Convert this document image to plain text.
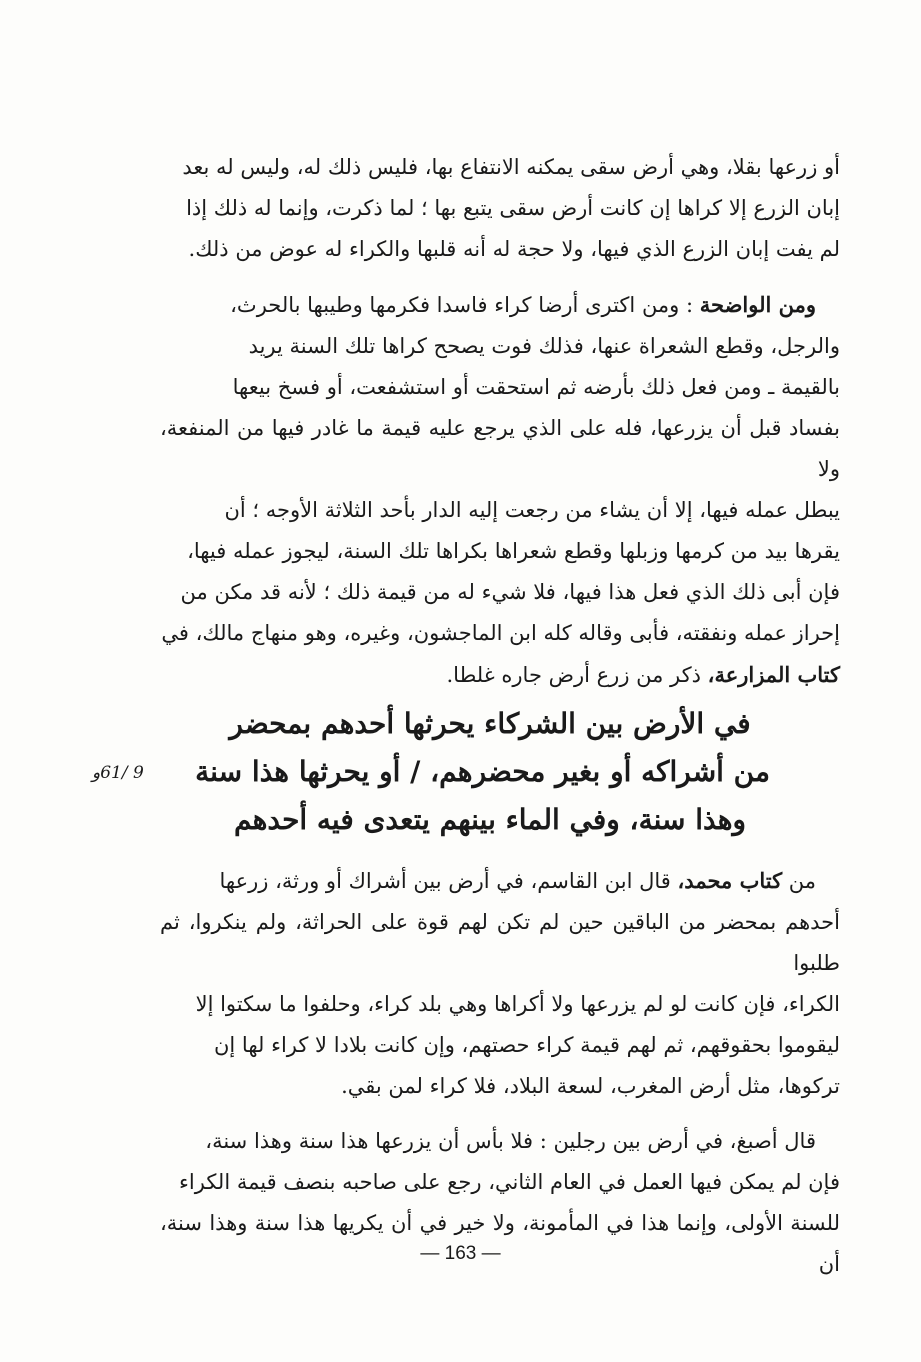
أو زرعها بقلا، وهي أرض سقى يمكنه الانتفاع بها، فليس ذلك له، وليس له بعد
إبان الزرع إلا كراها إن كانت أرض سقى يتبع بها ؛ لما ذكرت، وإنما له ذلك إذا
لم يفت إبان الزرع الذي فيها، ولا حجة له أنه قلبها والكراء له عوض من ذلك.

ومن الواضحة : ومن اكترى أرضا كراء فاسدا فكرمها وطيبها بالحرث،
والرجل، وقطع الشعراة عنها، فذلك فوت يصحح كراها تلك السنة يريد
بالقيمة ـ ومن فعل ذلك بأرضه ثم استحقت أو استشفعت، أو فسخ بيعها
بفساد قبل أن يزرعها، فله على الذي يرجع عليه قيمة ما غادر فيها من المنفعة، ولا
يبطل عمله فيها، إلا أن يشاء من رجعت إليه الدار بأحد الثلاثة الأوجه ؛ أن
يقرها بيد من كرمها وزبلها وقطع شعراها بكراها تلك السنة، ليجوز عمله فيها،
فإن أبى ذلك الذي فعل هذا فيها، فلا شيء له من قيمة ذلك ؛ لأنه قد مكن من
إحراز عمله ونفقته، فأبى وقاله كله ابن الماجشون، وغيره، وهو منهاج مالك، في
كتاب المزارعة، ذكر من زرع أرض جاره غلطا.

في الأرض بين الشركاء يحرثها أحدهم بمحضر
من أشراكه أو بغير محضرهم، / أو يحرثها هذا سنة
وهذا سنة، وفي الماء بينهم يتعدى فيه أحدهم
9 /61و

من كتاب محمد، قال ابن القاسم، في أرض بين أشراك أو ورثة، زرعها
أحدهم بمحضر من الباقين حين لم تكن لهم قوة على الحراثة، ولم ينكروا، ثم طلبوا
الكراء، فإن كانت لو لم يزرعها ولا أكراها وهي بلد كراء، وحلفوا ما سكتوا إلا
ليقوموا بحقوقهم، ثم لهم قيمة كراء حصتهم، وإن كانت بلادا لا كراء لها إن
تركوها، مثل أرض المغرب، لسعة البلاد، فلا كراء لمن بقي.

قال أصبغ، في أرض بين رجلين : فلا بأس أن يزرعها هذا سنة وهذا سنة،
فإن لم يمكن فيها العمل في العام الثاني، رجع على صاحبه بنصف قيمة الكراء
للسنة الأولى، وإنما هذا في المأمونة، ولا خير في أن يكريها هذا سنة وهذا سنة، أن

— 163 —
